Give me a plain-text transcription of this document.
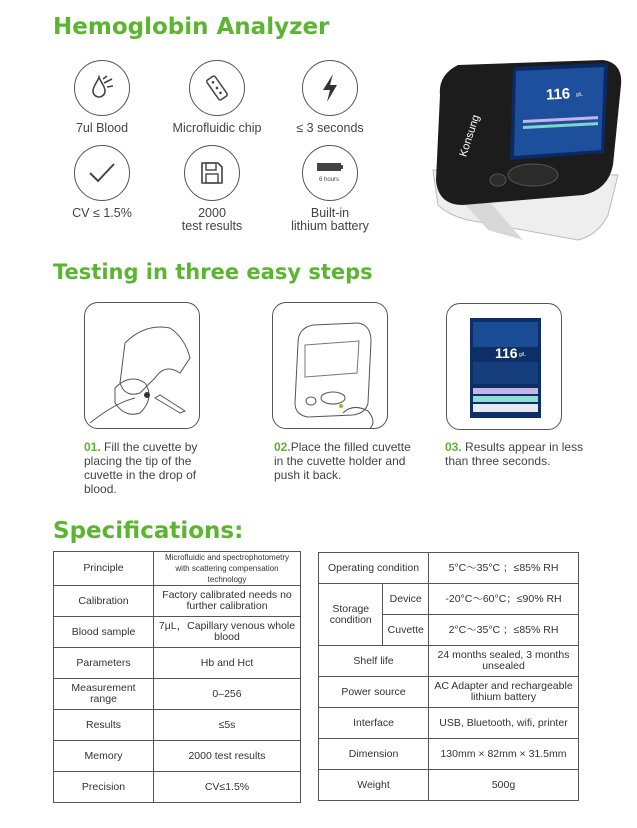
Hemoglobin Analyzer
7ul Blood	Microfluidic chip	≤ 3 seconds
CV ≤ 1.5%	2000
test results
6 hours
Built-in
lithium battery
116 g/L
Konsung
Testing in three easy steps
01. Fill the cuvette by placing the tip of the cuvette in the drop of blood.
02.Place the filled cuvette in the cuvette holder and push it back.
116 g/L
03. Results appear in less than three seconds.
Specifications:
Principle	Microfluidic and spectrophotometry with scattering compensation technology
Calibration	Factory calibrated needs no further calibration
Blood sample	7μL，Capillary venous whole blood
Parameters	Hb and Hct
Measurement range	0–256
Results	≤5s
Memory	2000 test results
Precision	CV≤1.5%
Operating condition		5°C～35°C ；≤85% RH
Storage condition	Device	-20°C～60°C；≤90% RH
	Cuvette	2°C～35°C ；≤85% RH
Shelf life		24 months sealed, 3 months unsealed
Power source		AC Adapter and rechargeable lithium battery
Interface		USB, Bluetooth, wifi, printer
Dimension		130mm × 82mm × 31.5mm
Weight		500g
